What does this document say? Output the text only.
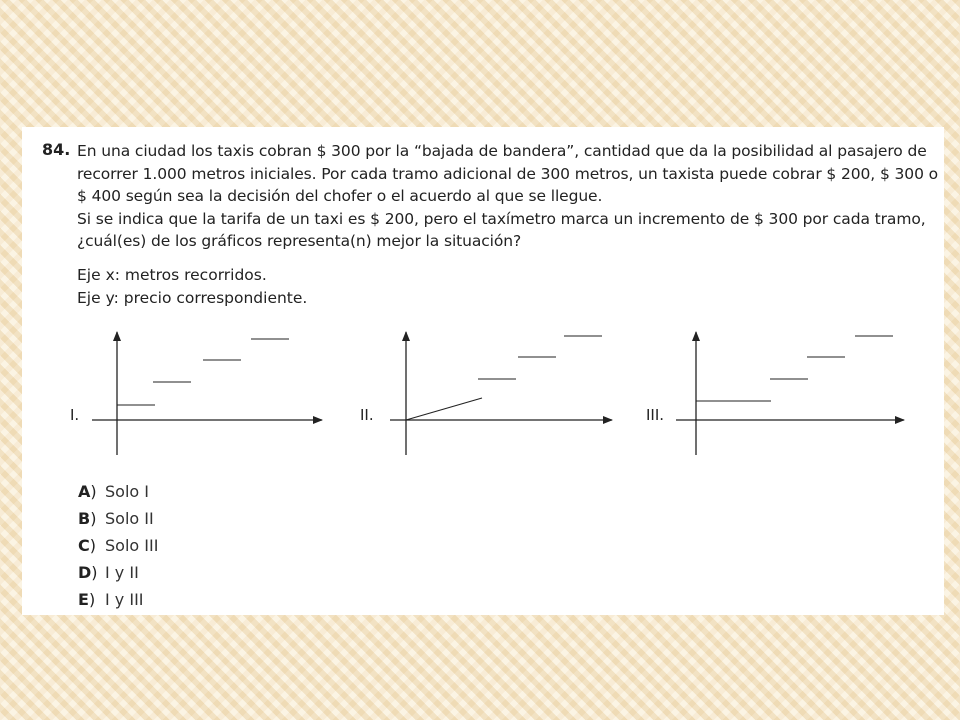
84. En una ciudad los taxis cobran $ 300 por la “bajada de bandera”, cantidad que da la posibilidad al pasajero de
recorrer 1.000 metros iniciales. Por cada tramo adicional de 300 metros, un taxista puede cobrar $ 200, $ 300 o
$ 400 según sea la decisión del chofer o el acuerdo al que se llegue.
Si se indica que la tarifa de un taxi es $ 200, pero el taxímetro marca un incremento de $ 300 por cada tramo,
¿cuál(es) de los gráficos representa(n) mejor la situación?
Eje x: metros recorridos.
Eje y: precio correspondiente.
I.	II.	III.
A) Solo I
B) Solo II
C) Solo III
D) I y II
E) I y III
